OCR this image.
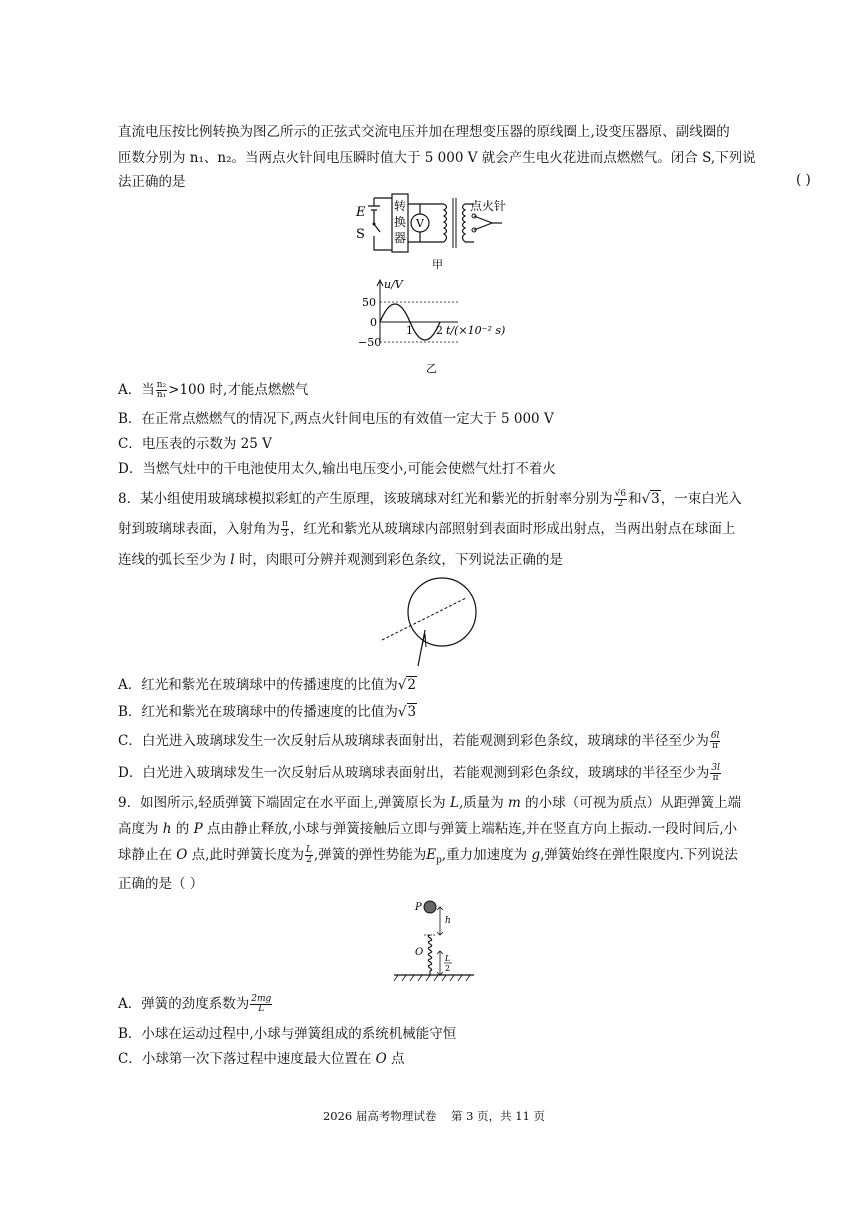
直流电压按比例转换为图乙所示的正弦式交流电压并加在理想变压器的原线圈上,设变压器原、副线圈的
匝数分别为 n₁、n₂。当两点火针间电压瞬时值大于 5 000 V 就会产生电火花进而点燃燃气。闭合 S,下列说
法正确的是	( )
E
S
转
换
器
V
点火针
甲
u/V
50
0
−50
1 2 t/(×10⁻² s)
乙
A．当 $\frac{\text{n₂}}{\text{n₁}} >100$ 时,才能点燃燃气
B．在正常点燃燃气的情况下,两点火针间电压的有效值一定大于 5 000 V
C．电压表的示数为 25 V
D．当燃气灶中的干电池使用太久,输出电压变小,可能会使燃气灶打不着火
8．某小组使用玻璃球模拟彩虹的产生原理，该玻璃球对红光和紫光的折射率分别为 $\frac{√6}{2}$ 和√3，一束白光入
射到玻璃球表面，入射角为 $\frac{\pi}{3}$ ，红光和紫光从玻璃球内部照射到表面时形成出射点，当两出射点在球面上
连线的弧长至少为 l 时，肉眼可分辨并观测到彩色条纹，下列说法正确的是
A．红光和紫光在玻璃球中的传播速度的比值为√2
B．红光和紫光在玻璃球中的传播速度的比值为√3
C．白光进入玻璃球发生一次反射后从玻璃球表面射出，若能观测到彩色条纹，玻璃球的半径至少为 $\frac{6l}{\pi}$
D．白光进入玻璃球发生一次反射后从玻璃球表面射出，若能观测到彩色条纹，玻璃球的半径至少为 $\frac{3l}{\pi}$
9．如图所示,轻质弹簧下端固定在水平面上,弹簧原长为 L,质量为 m 的小球（可视为质点）从距弹簧上端
高度为 h 的 P 点由静止释放,小球与弹簧接触后立即与弹簧上端粘连,并在竖直方向上振动.一段时间后,小
球静止在 O 点,此时弹簧长度为 $\frac{L}{2}$ ,弹簧的弹性势能为$E_p$,重力加速度为 g,弹簧始终在弹性限度内.下列说法
正确的是（ ）
P
h
O
L
2
A．弹簧的劲度系数为 $\frac{2mg}{L}$
B．小球在运动过程中,小球与弹簧组成的系统机械能守恒
C．小球第一次下落过程中速度最大位置在 O 点
2026 届高考物理试卷    第 3 页，共 11 页
